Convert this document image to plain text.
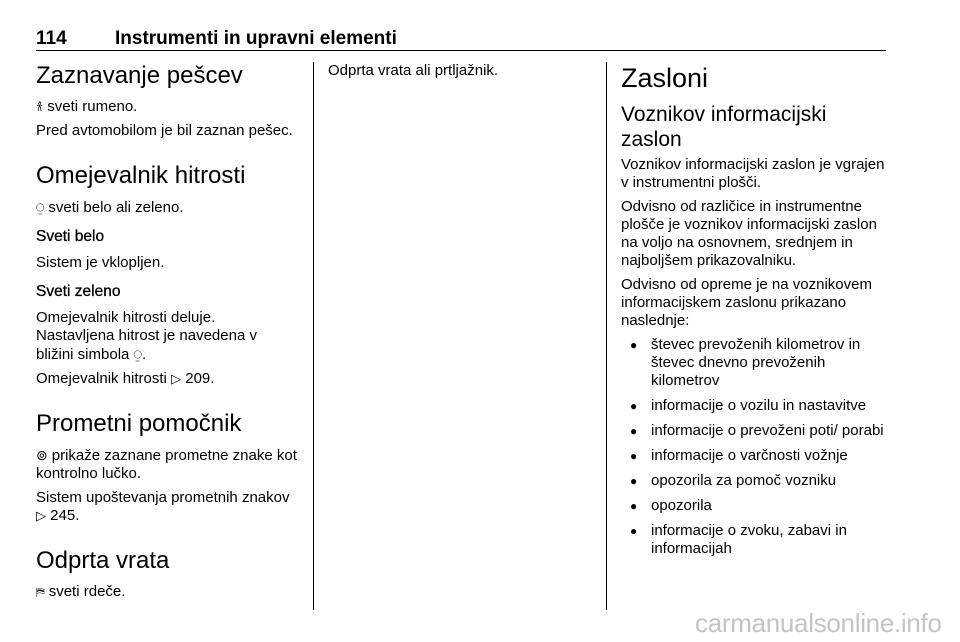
114	Instrumenti in upravni elementi
Zaznavanje pešcev

𐀪 sveti rumeno.

Pred avtomobilom je bil zaznan pešec.

Omejevalnik hitrosti

⍜ sveti belo ali zeleno.

Sveti belo

Sistem je vklopljen.

Sveti zeleno

Omejevalnik hitrosti deluje.

Nastavljena hitrost je navedena v bližini simbola ⍜.

Omejevalnik hitrosti ▷ 209.

Prometni pomočnik

⊚ prikaže zaznane prometne znake kot kontrolno lučko.

Sistem upoštevanja prometnih znakov ▷ 245.

Odprta vrata

⛿ sveti rdeče.

Odprta vrata ali prtljažnik.	Zasloni
Voznikov informacijski zaslon

Voznikov informacijski zaslon je vgrajen v instrumentni plošči.

Odvisno od različice in instrumentne plošče je voznikov informacijski zaslon na voljo na osnovnem, srednjem in najboljšem prikazovalniku.

Odvisno od opreme je na voznikovem informacijskem zaslonu prikazano naslednje:

● števec prevoženih kilometrov in števec dnevno prevoženih kilometrov
● informacije o vozilu in nastavitve
● informacije o prevoženi poti/ porabi
● informacije o varčnosti vožnje
● opozorila za pomoč vozniku
● opozorila
● informacije o zvoku, zabavi in informacijah
carmanualsonline.info
